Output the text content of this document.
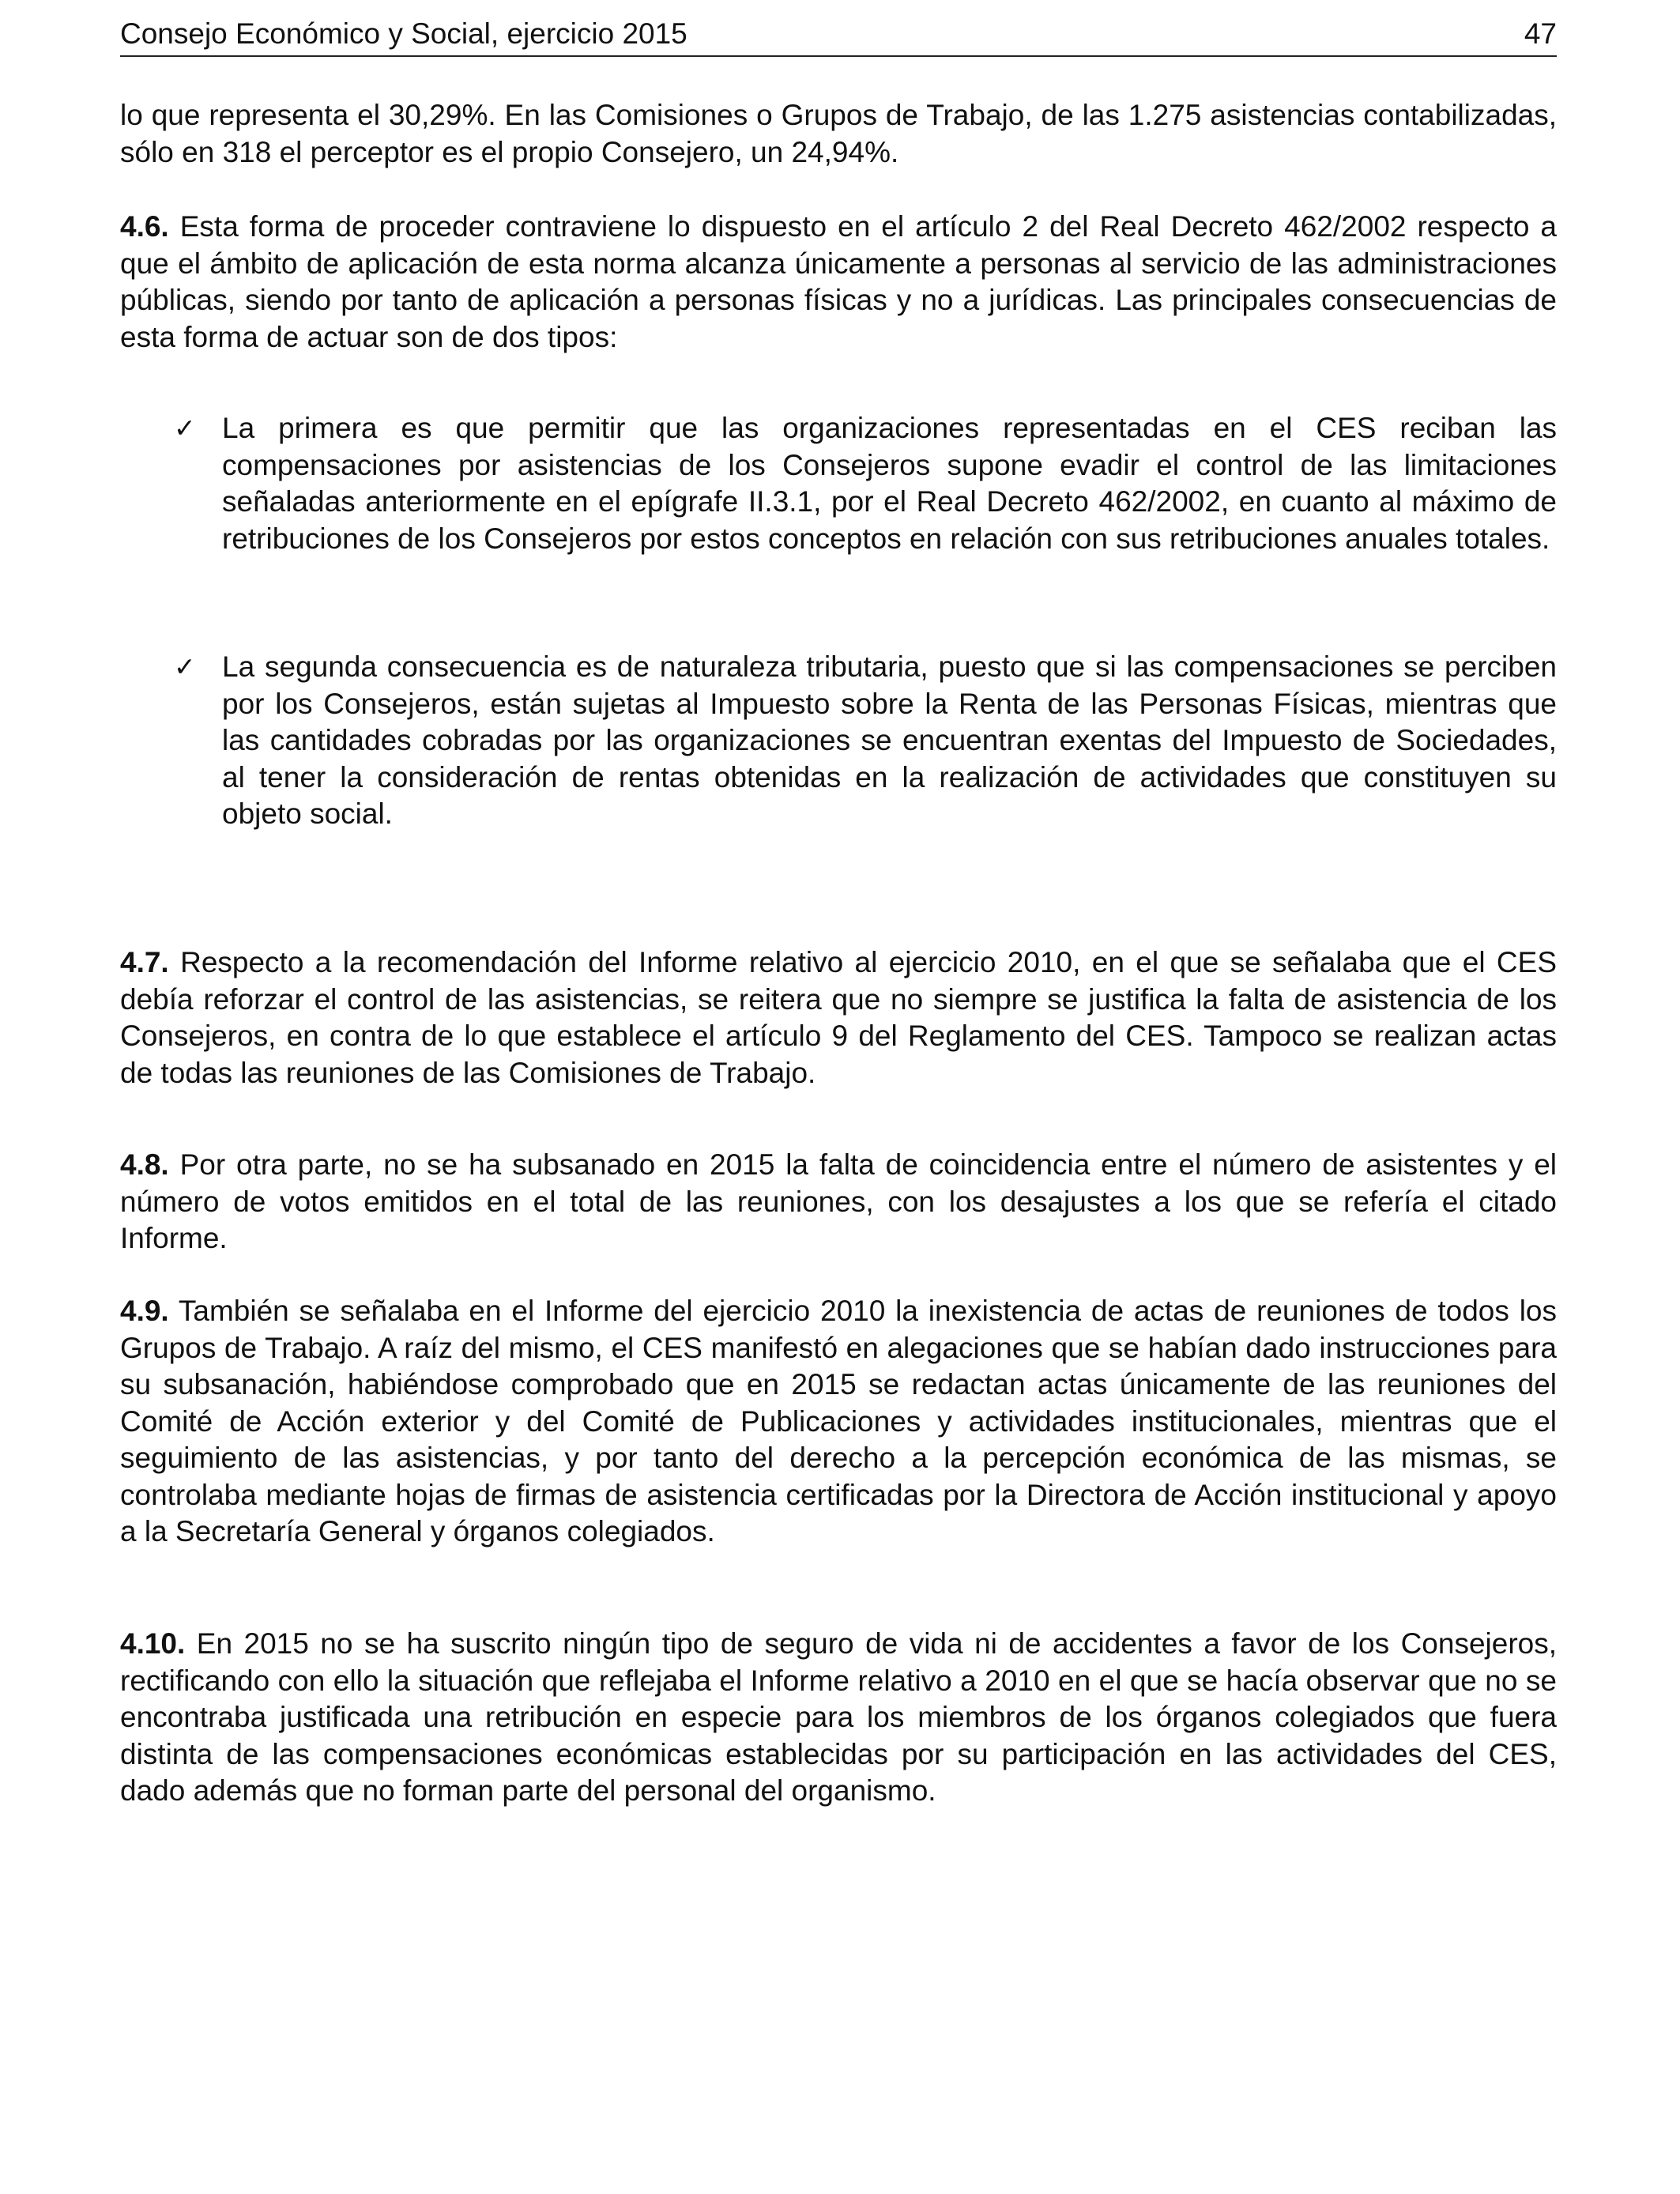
Consejo Económico y Social, ejercicio 2015	47

lo que representa el 30,29%. En las Comisiones o Grupos de Trabajo, de las 1.275 asistencias contabilizadas, sólo en 318 el perceptor es el propio Consejero, un 24,94%.

4.6. Esta forma de proceder contraviene lo dispuesto en el artículo 2 del Real Decreto 462/2002 respecto a que el ámbito de aplicación de esta norma alcanza únicamente a personas al servicio de las administraciones públicas, siendo por tanto de aplicación a personas físicas y no a jurídicas. Las principales consecuencias de esta forma de actuar son de dos tipos:

✓ La primera es que permitir que las organizaciones representadas en el CES reciban las compensaciones por asistencias de los Consejeros supone evadir el control de las limitaciones señaladas anteriormente en el epígrafe II.3.1, por el Real Decreto 462/2002, en cuanto al máximo de retribuciones de los Consejeros por estos conceptos en relación con sus retribuciones anuales totales.

✓ La segunda consecuencia es de naturaleza tributaria, puesto que si las compensaciones se perciben por los Consejeros, están sujetas al Impuesto sobre la Renta de las Personas Físicas, mientras que las cantidades cobradas por las organizaciones se encuentran exentas del Impuesto de Sociedades, al tener la consideración de rentas obtenidas en la realización de actividades que constituyen su objeto social.

4.7. Respecto a la recomendación del Informe relativo al ejercicio 2010, en el que se señalaba que el CES debía reforzar el control de las asistencias, se reitera que no siempre se justifica la falta de asistencia de los Consejeros, en contra de lo que establece el artículo 9 del Reglamento del CES. Tampoco se realizan actas de todas las reuniones de las Comisiones de Trabajo.

4.8. Por otra parte, no se ha subsanado en 2015 la falta de coincidencia entre el número de asistentes y el número de votos emitidos en el total de las reuniones, con los desajustes a los que se refería el citado Informe.

4.9. También se señalaba en el Informe del ejercicio 2010 la inexistencia de actas de reuniones de todos los Grupos de Trabajo. A raíz del mismo, el CES manifestó en alegaciones que se habían dado instrucciones para su subsanación, habiéndose comprobado que en 2015 se redactan actas únicamente de las reuniones del Comité de Acción exterior y del Comité de Publicaciones y actividades institucionales, mientras que el seguimiento de las asistencias, y por tanto del derecho a la percepción económica de las mismas, se controlaba mediante hojas de firmas de asistencia certificadas por la Directora de Acción institucional y apoyo a la Secretaría General y órganos colegiados.

4.10. En 2015 no se ha suscrito ningún tipo de seguro de vida ni de accidentes a favor de los Consejeros, rectificando con ello la situación que reflejaba el Informe relativo a 2010 en el que se hacía observar que no se encontraba justificada una retribución en especie para los miembros de los órganos colegiados que fuera distinta de las compensaciones económicas establecidas por su participación en las actividades del CES, dado además que no forman parte del personal del organismo.
